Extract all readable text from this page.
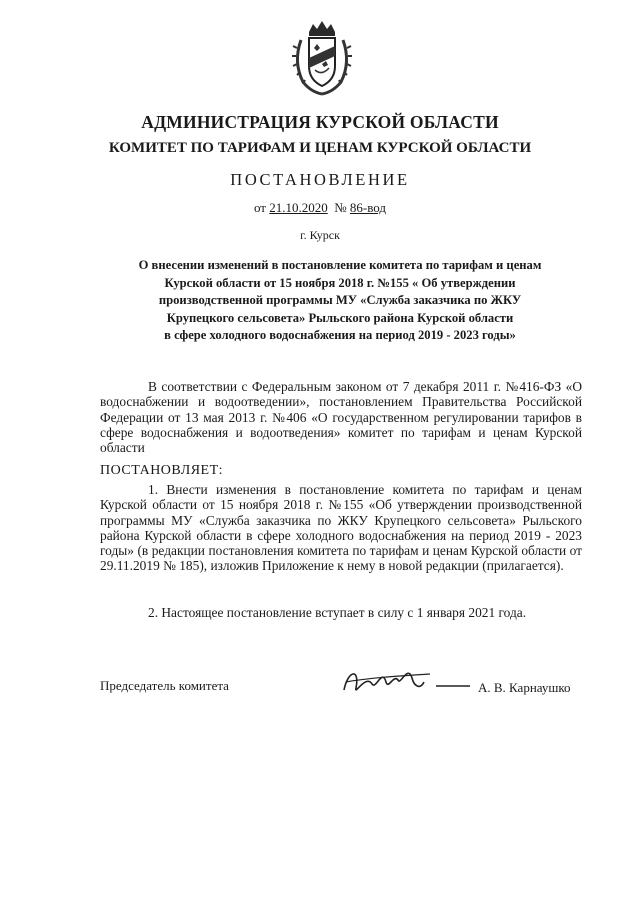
АДМИНИСТРАЦИЯ КУРСКОЙ ОБЛАСТИ
КОМИТЕТ ПО ТАРИФАМ И ЦЕНАМ КУРСКОЙ ОБЛАСТИ
ПОСТАНОВЛЕНИЕ
от 21.10.2020 № 86-вод
г. Курск
О внесении изменений в постановление комитета по тарифам и ценам
Курской области от 15 ноября 2018 г. №155 « Об утверждении
производственной программы МУ «Служба заказчика по ЖКУ
Крупецкого сельсовета» Рыльского района Курской области
в сфере холодного водоснабжения на период 2019 - 2023 годы»
В соответствии с Федеральным законом от 7 декабря 2011 г. №416-ФЗ «О водоснабжении и водоотведении», постановлением Правительства Российской Федерации от 13 мая 2013 г. №406 «О государственном регулировании тарифов в сфере водоснабжения и водоотведения» комитет по тарифам и ценам Курской области
ПОСТАНОВЛЯЕТ:
1. Внести изменения в постановление комитета по тарифам и ценам Курской области от 15 ноября 2018 г. №155 «Об утверждении производственной программы МУ «Служба заказчика по ЖКУ Крупецкого сельсовета» Рыльского района Курской области в сфере холодного водоснабжения на период 2019 - 2023 годы» (в редакции постановления комитета по тарифам и ценам Курской области от 29.11.2019 № 185), изложив Приложение к нему в новой редакции (прилагается).
2. Настоящее постановление вступает в силу с 1 января 2021 года.
Председатель комитета	А. В. Карнаушко
